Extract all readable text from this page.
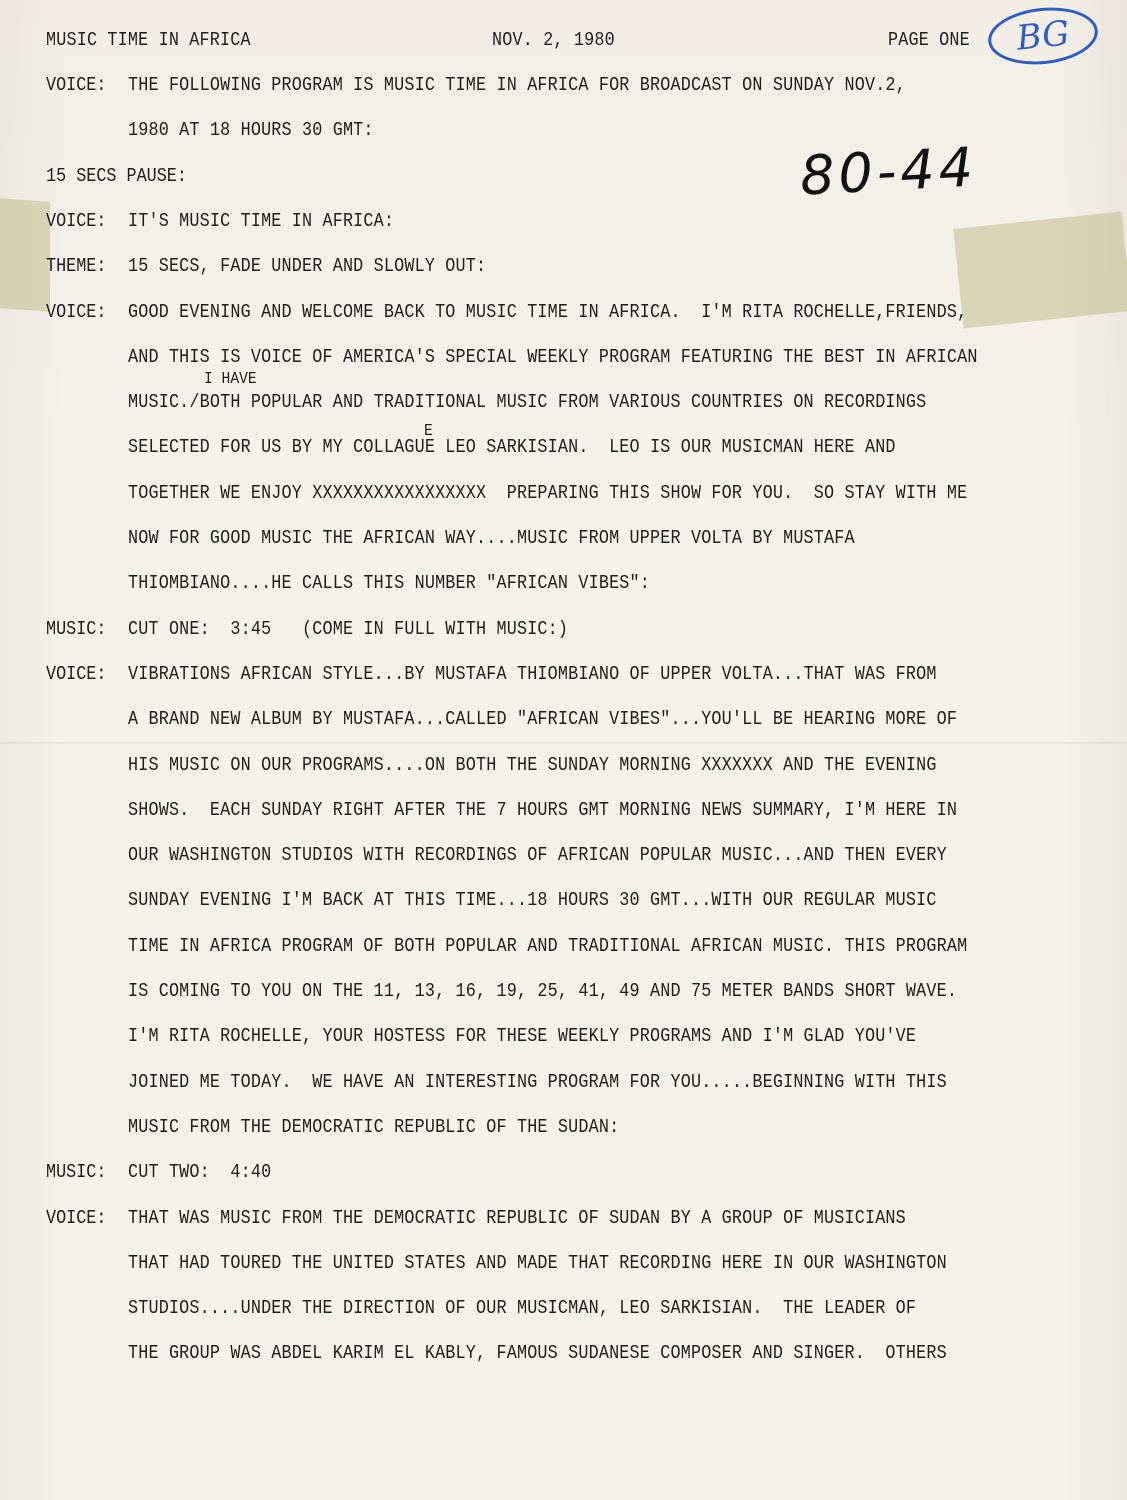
MUSIC TIME IN AFRICA	NOV. 2, 1980	PAGE ONE	BG
80-44
I HAVE
E
VOICE: THE FOLLOWING PROGRAM IS MUSIC TIME IN AFRICA FOR BROADCAST ON SUNDAY NOV.2,
1980 AT 18 HOURS 30 GMT:
15 SECS PAUSE:
VOICE: IT'S MUSIC TIME IN AFRICA:
THEME: 15 SECS, FADE UNDER AND SLOWLY OUT:
VOICE: GOOD EVENING AND WELCOME BACK TO MUSIC TIME IN AFRICA.  I'M RITA ROCHELLE,FRIENDS,
AND THIS IS VOICE OF AMERICA'S SPECIAL WEEKLY PROGRAM FEATURING THE BEST IN AFRICAN
MUSIC./BOTH POPULAR AND TRADITIONAL MUSIC FROM VARIOUS COUNTRIES ON RECORDINGS
SELECTED FOR US BY MY COLLAGUE LEO SARKISIAN.  LEO IS OUR MUSICMAN HERE AND
TOGETHER WE ENJOY XXXXXXXXXXXXXXXXX  PREPARING THIS SHOW FOR YOU.  SO STAY WITH ME
NOW FOR GOOD MUSIC THE AFRICAN WAY....MUSIC FROM UPPER VOLTA BY MUSTAFA
THIOMBIANO....HE CALLS THIS NUMBER "AFRICAN VIBES":
MUSIC: CUT ONE:  3:45   (COME IN FULL WITH MUSIC:)
VOICE: VIBRATIONS AFRICAN STYLE...BY MUSTAFA THIOMBIANO OF UPPER VOLTA...THAT WAS FROM
A BRAND NEW ALBUM BY MUSTAFA...CALLED "AFRICAN VIBES"...YOU'LL BE HEARING MORE OF
HIS MUSIC ON OUR PROGRAMS....ON BOTH THE SUNDAY MORNING XXXXXXX AND THE EVENING
SHOWS.  EACH SUNDAY RIGHT AFTER THE 7 HOURS GMT MORNING NEWS SUMMARY, I'M HERE IN
OUR WASHINGTON STUDIOS WITH RECORDINGS OF AFRICAN POPULAR MUSIC...AND THEN EVERY
SUNDAY EVENING I'M BACK AT THIS TIME...18 HOURS 30 GMT...WITH OUR REGULAR MUSIC
TIME IN AFRICA PROGRAM OF BOTH POPULAR AND TRADITIONAL AFRICAN MUSIC. THIS PROGRAM
IS COMING TO YOU ON THE 11, 13, 16, 19, 25, 41, 49 AND 75 METER BANDS SHORT WAVE.
I'M RITA ROCHELLE, YOUR HOSTESS FOR THESE WEEKLY PROGRAMS AND I'M GLAD YOU'VE
JOINED ME TODAY.  WE HAVE AN INTERESTING PROGRAM FOR YOU.....BEGINNING WITH THIS
MUSIC FROM THE DEMOCRATIC REPUBLIC OF THE SUDAN:
MUSIC: CUT TWO:  4:40
VOICE: THAT WAS MUSIC FROM THE DEMOCRATIC REPUBLIC OF SUDAN BY A GROUP OF MUSICIANS
THAT HAD TOURED THE UNITED STATES AND MADE THAT RECORDING HERE IN OUR WASHINGTON
STUDIOS....UNDER THE DIRECTION OF OUR MUSICMAN, LEO SARKISIAN.  THE LEADER OF
THE GROUP WAS ABDEL KARIM EL KABLY, FAMOUS SUDANESE COMPOSER AND SINGER.  OTHERS
